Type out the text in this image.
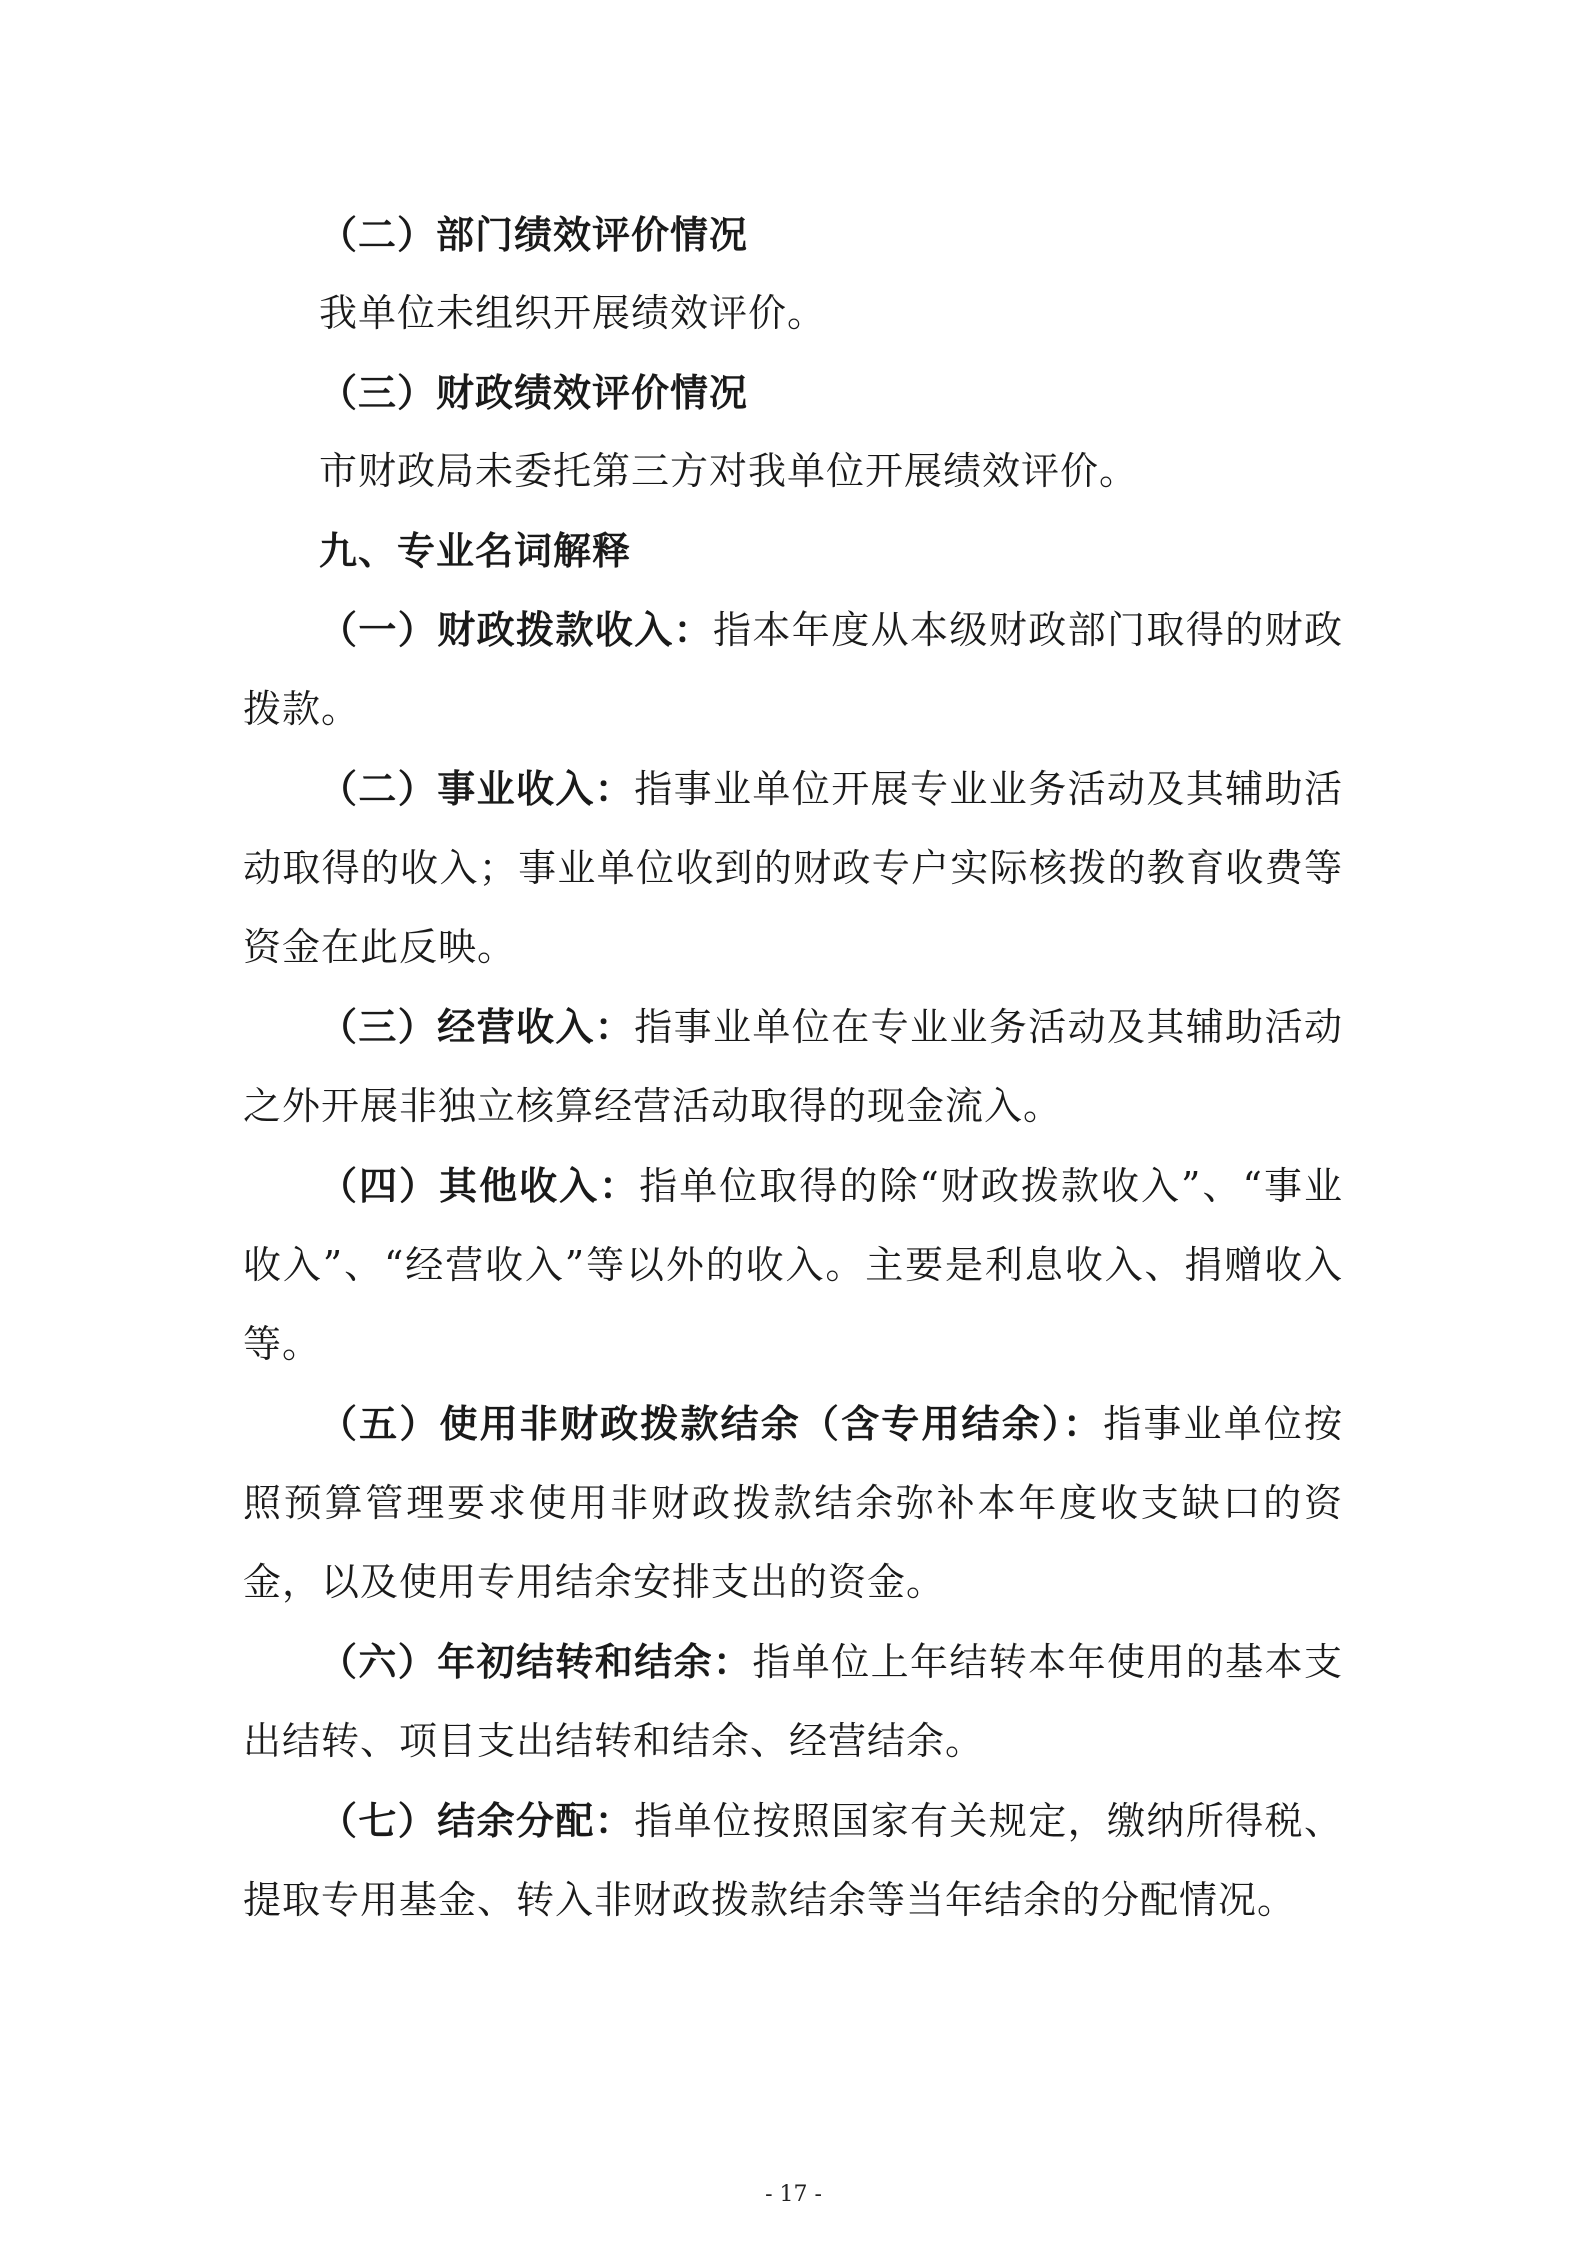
（二）部门绩效评价情况

我单位未组织开展绩效评价。

（三）财政绩效评价情况

市财政局未委托第三方对我单位开展绩效评价。

九、专业名词解释

（一）财政拨款收入：指本年度从本级财政部门取得的财政拨款。

（二）事业收入：指事业单位开展专业业务活动及其辅助活动取得的收入；事业单位收到的财政专户实际核拨的教育收费等资金在此反映。

（三）经营收入：指事业单位在专业业务活动及其辅助活动之外开展非独立核算经营活动取得的现金流入。

（四）其他收入：指单位取得的除“财政拨款收入”、“事业收入”、“经营收入”等以外的收入。主要是利息收入、捐赠收入等。

（五）使用非财政拨款结余（含专用结余）：指事业单位按照预算管理要求使用非财政拨款结余弥补本年度收支缺口的资金，以及使用专用结余安排支出的资金。

（六）年初结转和结余：指单位上年结转本年使用的基本支出结转、项目支出结转和结余、经营结余。

（七）结余分配：指单位按照国家有关规定，缴纳所得税、提取专用基金、转入非财政拨款结余等当年结余的分配情况。

- 17 -
